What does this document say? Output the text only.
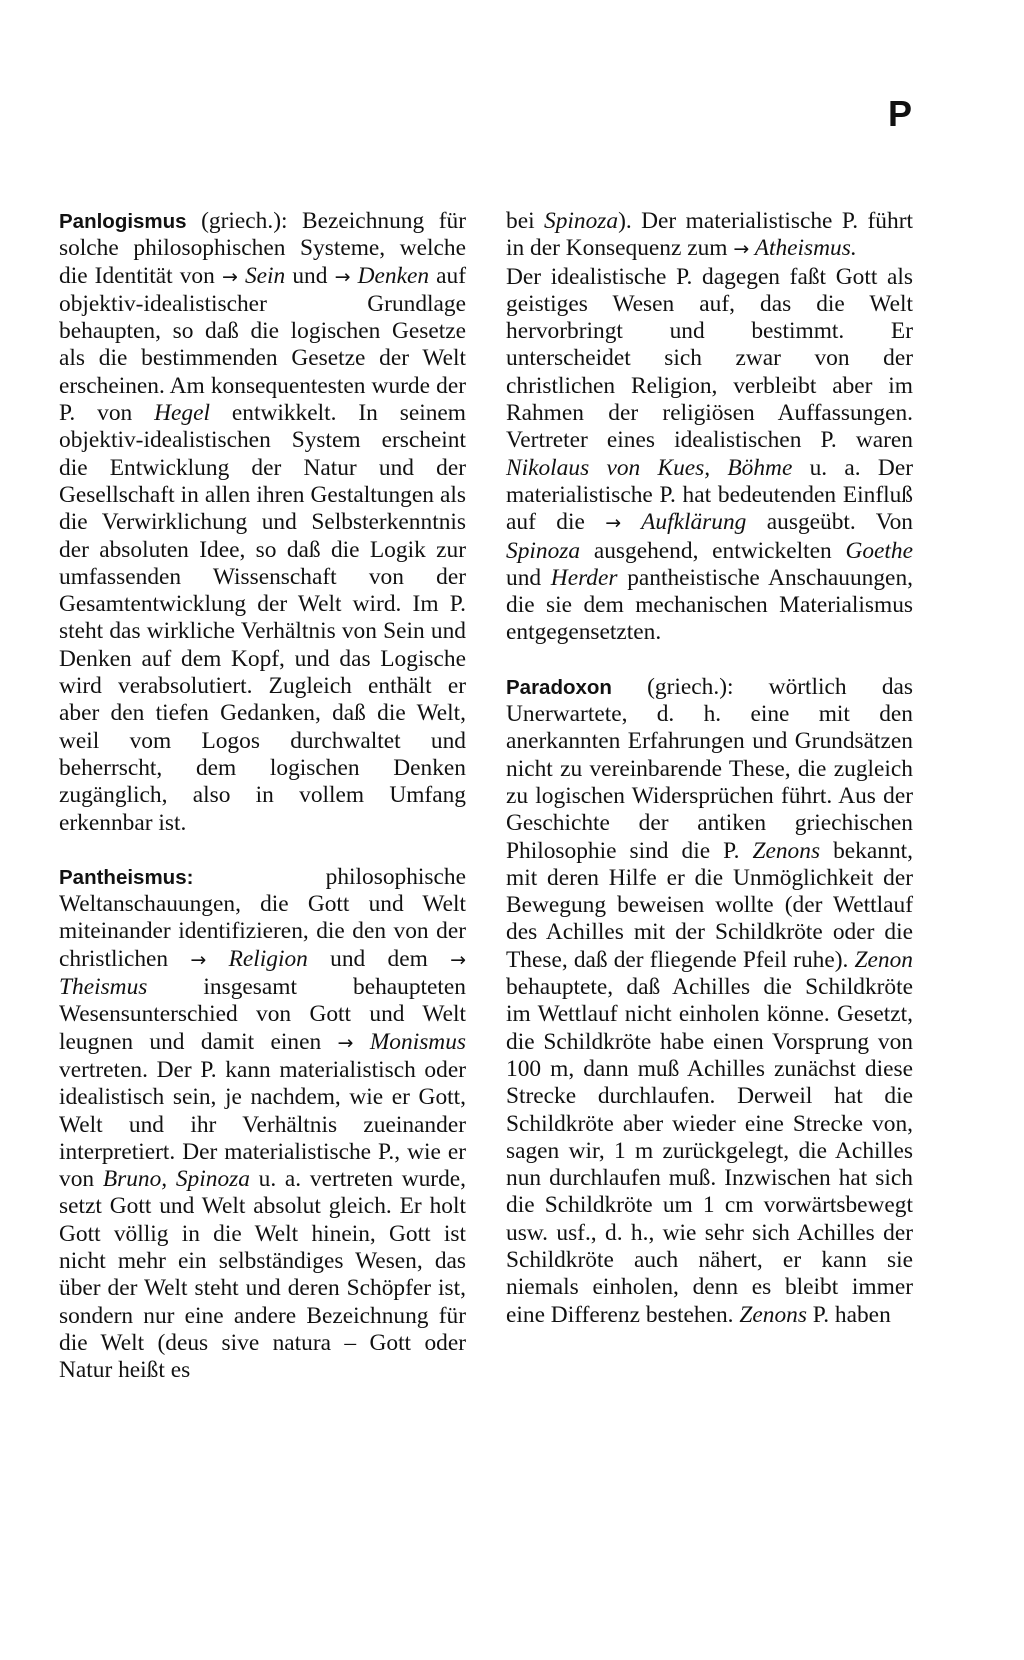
P

Panlogismus (griech.): Bezeichnung für solche philosophischen Systeme, welche die Identität von → Sein und → Denken auf objektiv-idealistischer Grundlage behaupten, so daß die logischen Gesetze als die bestimmenden Gesetze der Welt erscheinen. Am konsequentesten wurde der P. von Hegel entwikkelt. In seinem objektiv-idealistischen System erscheint die Entwicklung der Natur und der Gesellschaft in allen ihren Gestaltungen als die Verwirklichung und Selbsterkenntnis der absoluten Idee, so daß die Logik zur umfassenden Wissenschaft von der Gesamtentwicklung der Welt wird. Im P. steht das wirkliche Verhältnis von Sein und Denken auf dem Kopf, und das Logische wird verabsolutiert. Zugleich enthält er aber den tiefen Gedanken, daß die Welt, weil vom Logos durchwaltet und beherrscht, dem logischen Denken zugänglich, also in vollem Umfang erkennbar ist.

Pantheismus: philosophische Weltanschauungen, die Gott und Welt miteinander identifizieren, die den von der christlichen → Religion und dem → Theismus insgesamt behaupteten Wesensunterschied von Gott und Welt leugnen und damit einen → Monismus vertreten. Der P. kann materialistisch oder idealistisch sein, je nachdem, wie er Gott, Welt und ihr Verhältnis zueinander interpretiert. Der materialistische P., wie er von Bruno, Spinoza u. a. vertreten wurde, setzt Gott und Welt absolut gleich. Er holt Gott völlig in die Welt hinein, Gott ist nicht mehr ein selbständiges Wesen, das über der Welt steht und deren Schöpfer ist, sondern nur eine andere Bezeichnung für die Welt (deus sive natura – Gott oder Natur heißt es

bei Spinoza). Der materialistische P. führt in der Konsequenz zum → Atheismus.

Der idealistische P. dagegen faßt Gott als geistiges Wesen auf, das die Welt hervorbringt und bestimmt. Er unterscheidet sich zwar von der christlichen Religion, verbleibt aber im Rahmen der religiösen Auffassungen. Vertreter eines idealistischen P. waren Nikolaus von Kues, Böhme u. a. Der materialistische P. hat bedeutenden Einfluß auf die → Aufklärung ausgeübt. Von Spinoza ausgehend, entwickelten Goethe und Herder pantheistische Anschauungen, die sie dem mechanischen Materialismus entgegensetzten.

Paradoxon (griech.): wörtlich das Unerwartete, d. h. eine mit den anerkannten Erfahrungen und Grundsätzen nicht zu vereinbarende These, die zugleich zu logischen Widersprüchen führt. Aus der Geschichte der antiken griechischen Philosophie sind die P. Zenons bekannt, mit deren Hilfe er die Unmöglichkeit der Bewegung beweisen wollte (der Wettlauf des Achilles mit der Schildkröte oder die These, daß der fliegende Pfeil ruhe). Zenon behauptete, daß Achilles die Schildkröte im Wettlauf nicht einholen könne. Gesetzt, die Schildkröte habe einen Vorsprung von 100 m, dann muß Achilles zunächst diese Strecke durchlaufen. Derweil hat die Schildkröte aber wieder eine Strecke von, sagen wir, 1 m zurückgelegt, die Achilles nun durchlaufen muß. Inzwischen hat sich die Schildkröte um 1 cm vorwärtsbewegt usw. usf., d. h., wie sehr sich Achilles der Schildkröte auch nähert, er kann sie niemals einholen, denn es bleibt immer eine Differenz bestehen. Zenons P. haben
